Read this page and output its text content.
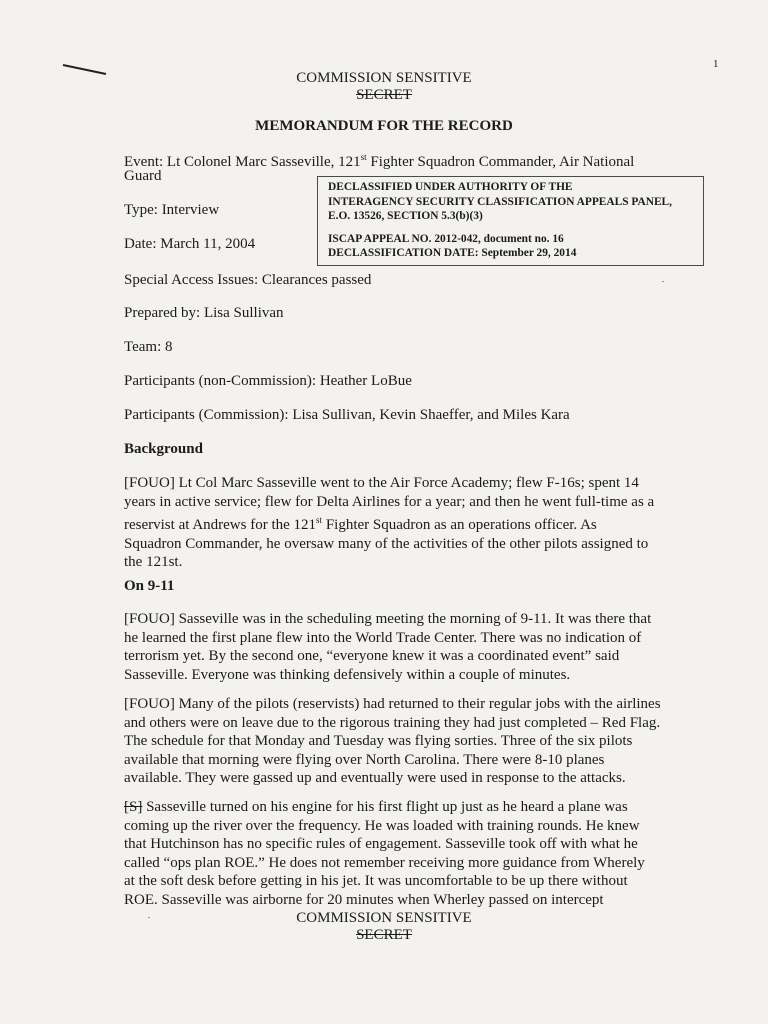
1
COMMISSION SENSITIVE
SECRET
MEMORANDUM FOR THE RECORD
Event: Lt Colonel Marc Sasseville, 121st Fighter Squadron Commander, Air National
Guard
Type: Interview
Date: March 11, 2004
DECLASSIFIED UNDER AUTHORITY OF THE
INTERAGENCY SECURITY CLASSIFICATION APPEALS PANEL,
E.O. 13526, SECTION 5.3(b)(3)
ISCAP APPEAL NO. 2012-042, document no. 16
DECLASSIFICATION DATE: September 29, 2014
Special Access Issues: Clearances passed
Prepared by: Lisa Sullivan
Team: 8
Participants (non-Commission): Heather LoBue
Participants (Commission): Lisa Sullivan, Kevin Shaeffer, and Miles Kara
Background
[FOUO] Lt Col Marc Sasseville went to the Air Force Academy; flew F-16s; spent 14
years in active service; flew for Delta Airlines for a year; and then he went full-time as a
reservist at Andrews for the 121st Fighter Squadron as an operations officer. As
Squadron Commander, he oversaw many of the activities of the other pilots assigned to
the 121st.
On 9-11
[FOUO] Sasseville was in the scheduling meeting the morning of 9-11. It was there that
he learned the first plane flew into the World Trade Center. There was no indication of
terrorism yet. By the second one, “everyone knew it was a coordinated event” said
Sasseville. Everyone was thinking defensively within a couple of minutes.
[FOUO] Many of the pilots (reservists) had returned to their regular jobs with the airlines
and others were on leave due to the rigorous training they had just completed – Red Flag.
The schedule for that Monday and Tuesday was flying sorties. Three of the six pilots
available that morning were flying over North Carolina. There were 8-10 planes
available. They were gassed up and eventually were used in response to the attacks.
[S] Sasseville turned on his engine for his first flight up just as he heard a plane was
coming up the river over the frequency. He was loaded with training rounds. He knew
that Hutchinson has no specific rules of engagement. Sasseville took off with what he
called “ops plan ROE.” He does not remember receiving more guidance from Wherely
at the soft desk before getting in his jet. It was uncomfortable to be up there without
ROE. Sasseville was airborne for 20 minutes when Wherley passed on intercept
COMMISSION SENSITIVE
SECRET
